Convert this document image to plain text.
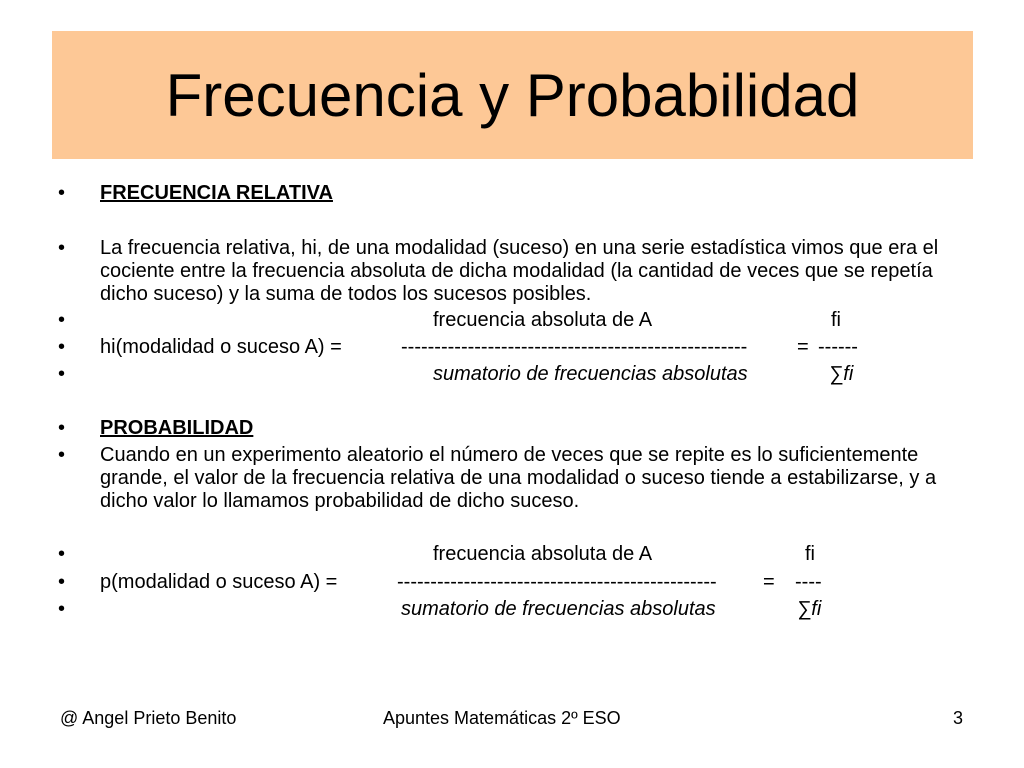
Frecuencia y Probabilidad
• FRECUENCIA RELATIVA
• La frecuencia relativa, hi, de una modalidad (suceso) en una serie estadística vimos que era el cociente entre la frecuencia absoluta de dicha modalidad (la cantidad de veces que se repetía dicho suceso) y la suma de todos los sucesos posibles.
•	frecuencia absoluta de A	fi
• hi(modalidad o suceso A) =	----------------------------------------------------	= ------
•	sumatorio de frecuencias absolutas	∑fi
• PROBABILIDAD
• Cuando en un experimento aleatorio el número de veces que se repite es lo suficientemente grande, el valor de la frecuencia relativa de una modalidad o suceso tiende a estabilizarse, y a dicho valor lo llamamos probabilidad de dicho suceso.
•	frecuencia absoluta de A	fi
• p(modalidad o suceso A) =	------------------------------------------------	= ----
•	sumatorio de frecuencias absolutas	∑fi
@ Angel Prieto Benito	Apuntes Matemáticas 2º ESO	3
